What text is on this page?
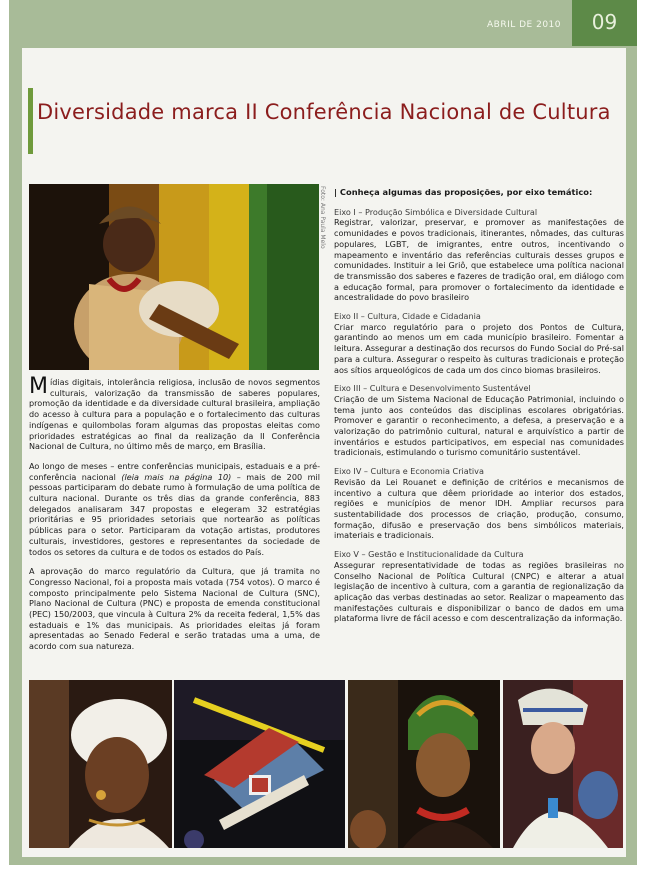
ABRIL DE 2010	09
Diversidade marca II Conferência Nacional de Cultura
Foto: Ana Paula Melo

Mídias digitais, intolerância religiosa, inclusão de novos segmentos culturais, valorização da transmissão de saberes populares, promoção da identidade e da diversidade cultural brasileira, ampliação do acesso à cultura para a população e o fortalecimento das culturas indígenas e quilombolas foram algumas das propostas eleitas como prioridades estratégicas ao final da realização da II Conferência Nacional de Cultura, no último mês de março, em Brasília.

Ao longo de meses – entre conferências municipais, estaduais e a pré-conferência nacional (leia mais na página 10) – mais de 200 mil pessoas participaram do debate rumo à formulação de uma política de cultura nacional. Durante os três dias da grande conferência, 883 delegados analisaram 347 propostas e elegeram 32 estratégias prioritárias e 95 prioridades setoriais que nortearão as políticas públicas para o setor. Participaram da votação artistas, produtores culturais, investidores, gestores e representantes da sociedade de todos os setores da cultura e de todos os estados do País.

A aprovação do marco regulatório da Cultura, que já tramita no Congresso Nacional, foi a proposta mais votada (754 votos). O marco é composto principalmente pelo Sistema Nacional de Cultura (SNC), Plano Nacional de Cultura (PNC) e proposta de emenda constitucional (PEC) 150/2003, que vincula à Cultura 2% da receita federal, 1,5% das estaduais e 1% das municipais. As prioridades eleitas já foram apresentadas ao Senado Federal e serão tratadas uma a uma, de acordo com sua natureza.

| Conheça algumas das proposições, por eixo temático:

Eixo I – Produção Simbólica e Diversidade Cultural
Registrar, valorizar, preservar, e promover as manifestações de comunidades e povos tradicionais, itinerantes, nômades, das culturas populares, LGBT, de imigrantes, entre outros, incentivando o mapeamento e inventário das referências culturais desses grupos e comunidades. Instituir a lei Griô, que estabelece uma política nacional de transmissão dos saberes e fazeres de tradição oral, em diálogo com a educação formal, para promover o fortalecimento da identidade e ancestralidade do povo brasileiro
Eixo II – Cultura, Cidade e Cidadania
Criar marco regulatório para o projeto dos Pontos de Cultura, garantindo ao menos um em cada município brasileiro. Fomentar a leitura. Assegurar a destinação dos recursos do Fundo Social do Pré-sal para a cultura. Assegurar o respeito às culturas tradicionais e proteção aos sítios arqueológicos de cada um dos cinco biomas brasileiros.
Eixo III – Cultura e Desenvolvimento Sustentável
Criação de um Sistema Nacional de Educação Patrimonial, incluindo o tema junto aos conteúdos das disciplinas escolares obrigatórias. Promover e garantir o reconhecimento, a defesa, a preservação e a valorização do patrimônio cultural, natural e arquivístico a partir de inventários e estudos participativos, em especial nas comunidades tradicionais, estimulando o turismo comunitário sustentável.
Eixo IV – Cultura e Economia Criativa
Revisão da Lei Rouanet e definição de critérios e mecanismos de incentivo a cultura que dêem prioridade ao interior dos estados, regiões e municípios de menor IDH. Ampliar recursos para sustentabilidade dos processos de criação, produção, consumo, formação, difusão e preservação dos bens simbólicos materiais, imateriais e tradicionais.
Eixo V – Gestão e Institucionalidade da Cultura
Assegurar representatividade de todas as regiões brasileiras no Conselho Nacional de Política Cultural (CNPC) e alterar a atual legislação de incentivo à cultura, com a garantia de regionalização da aplicação das verbas destinadas ao setor. Realizar o mapeamento das manifestações culturais e disponibilizar o banco de dados em uma plataforma livre de fácil acesso e com descentralização da informação.
